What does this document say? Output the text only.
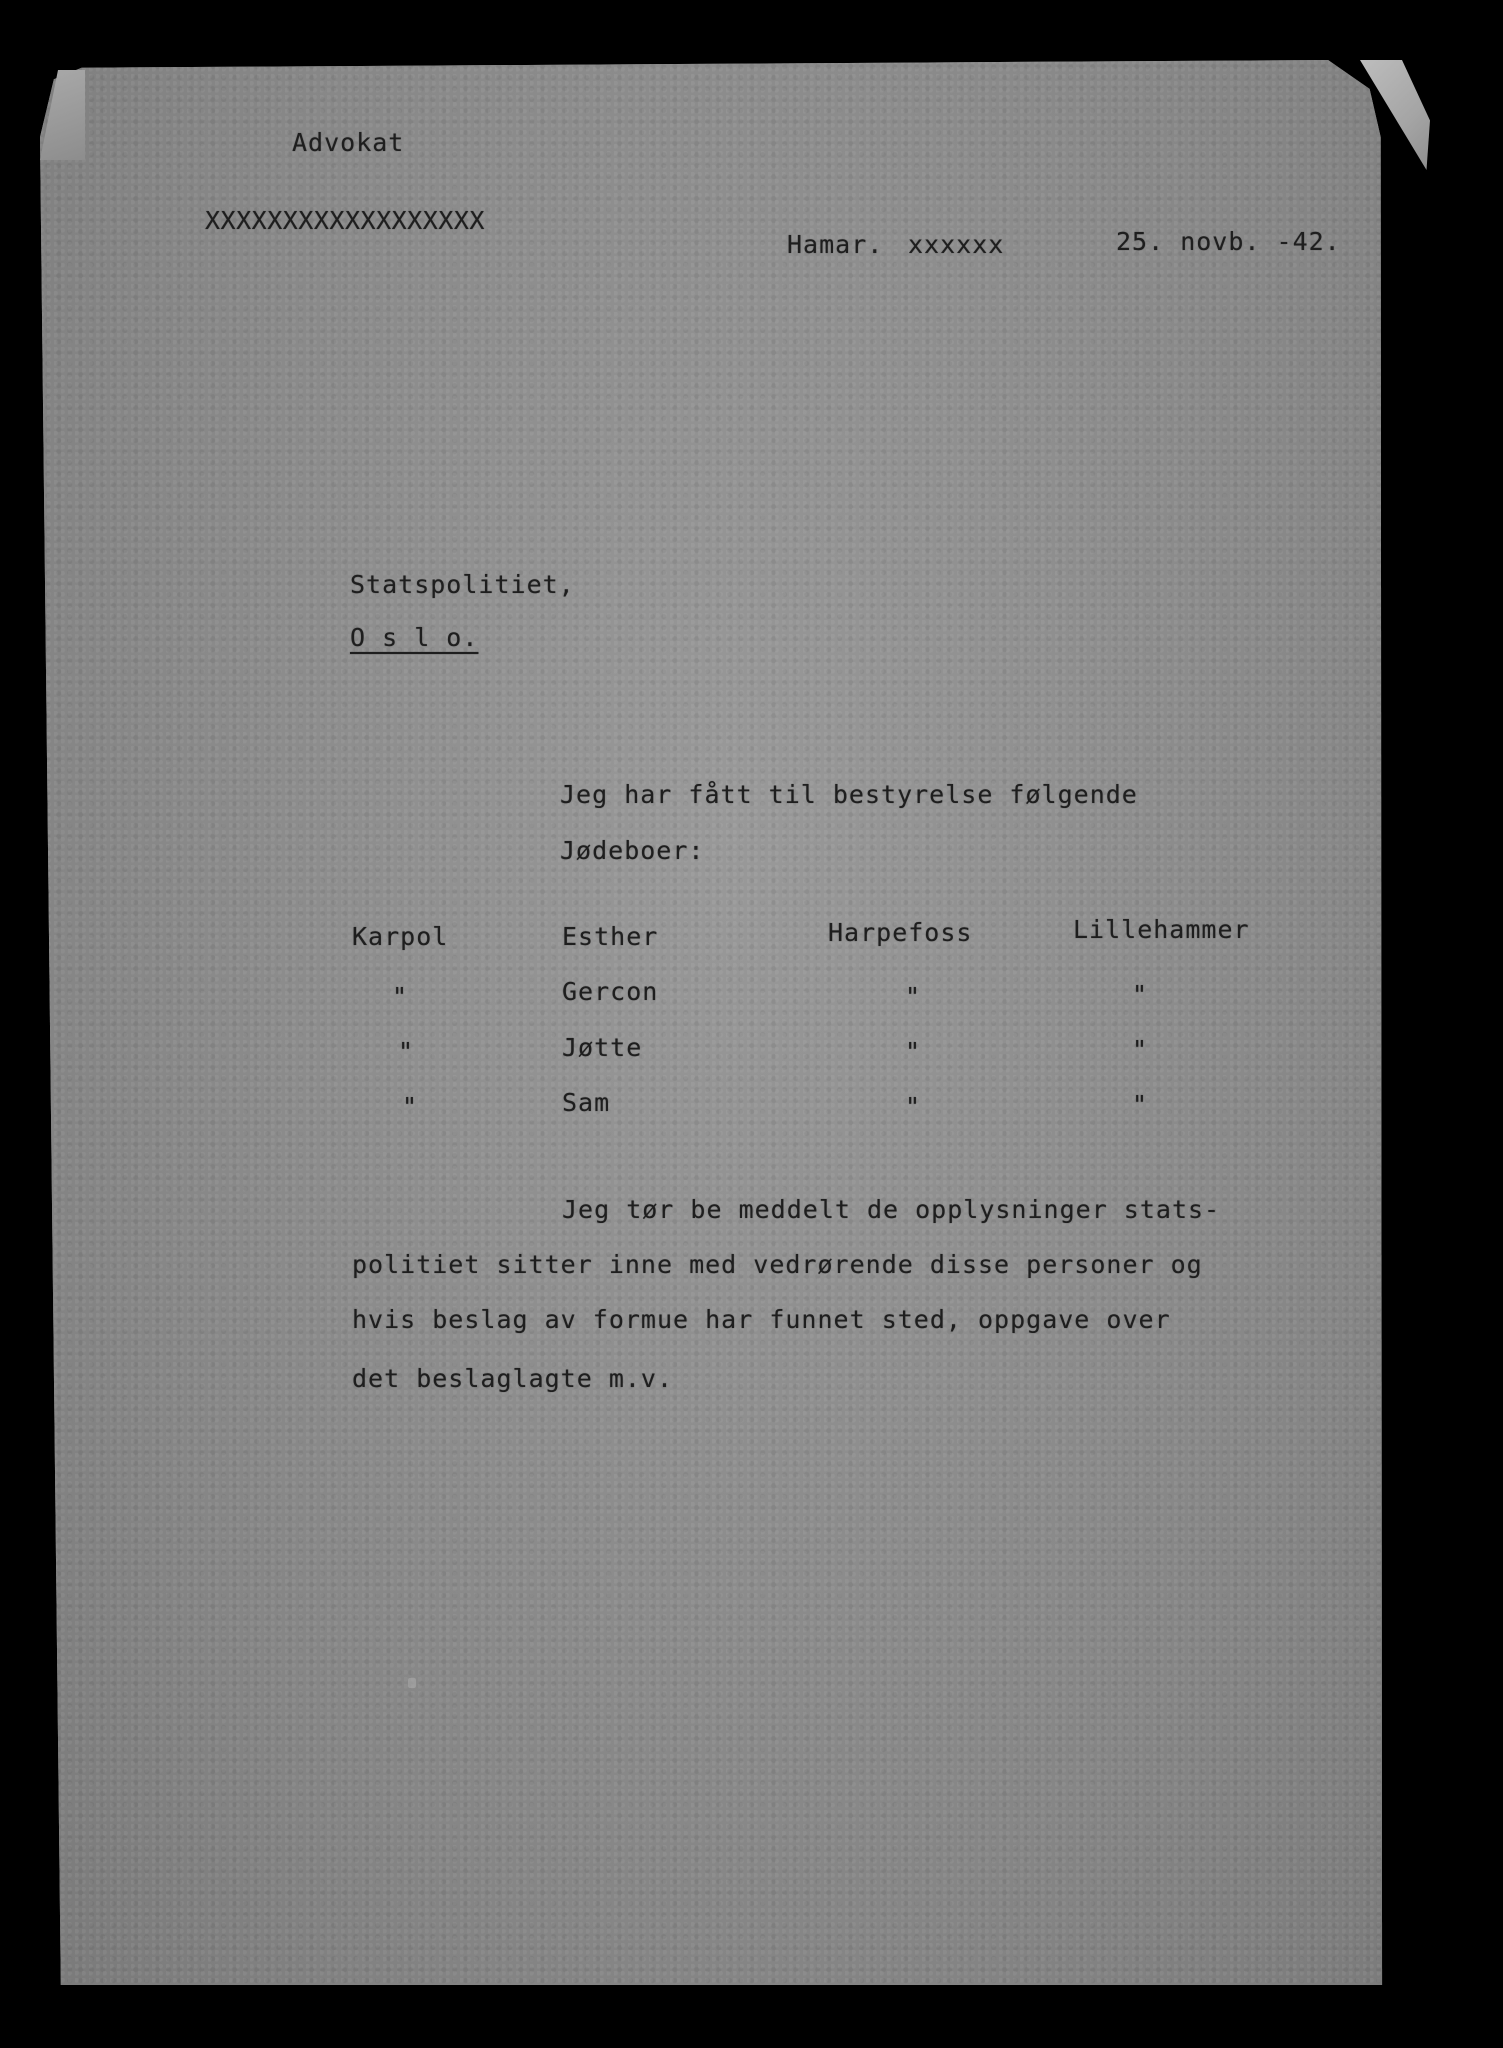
Advokat
XXXXXXXXXXXXXXXXXX
Hamar. xxxxxx	25. novb. -42.
Statspolitiet,
O s l o.
Jeg har fått til bestyrelse følgende
Jødeboer:
Karpol	Esther	Harpefoss	Lillehammer
"	Gercon	"	"
"	Jøtte	"	"
"	Sam	"	"
Jeg tør be meddelt de opplysninger stats-
politiet sitter inne med vedrørende disse personer og
hvis beslag av formue har funnet sted, oppgave over
det beslaglagte m.v.
